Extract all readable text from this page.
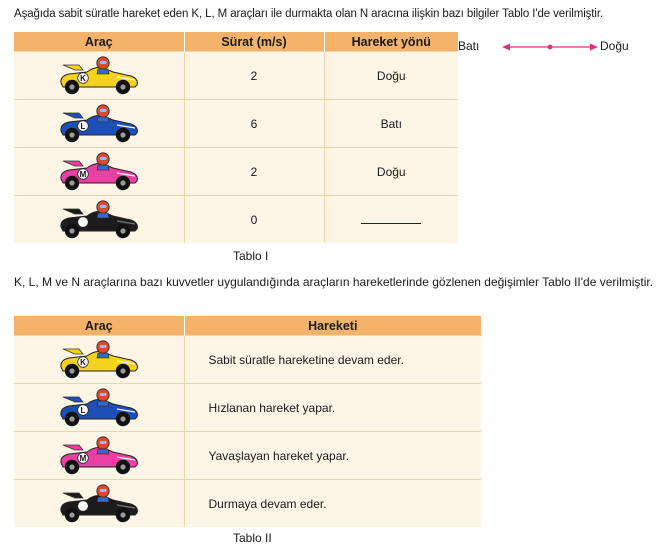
Aşağıda sabit süratle hareket eden K, L, M araçları ile durmakta olan N aracına ilişkin bazı bilgiler Tablo I'de verilmiştir.
Batı	Doğu
Araç	Sürat (m/s)	Hareket yönü

K	2	Doğu

L	6	Batı

M	2	Doğu

N	0	
Tablo I
K, L, M ve N araçlarına bazı kuvvetler uygulandığında araçların hareketlerinde gözlenen değişimler Tablo II'de verilmiştir.
Araç	Hareketi

K	Sabit süratle hareketine devam eder.

L	Hızlanan hareket yapar.

M	Yavaşlayan hareket yapar.

N	Durmaya devam eder.
Tablo II
